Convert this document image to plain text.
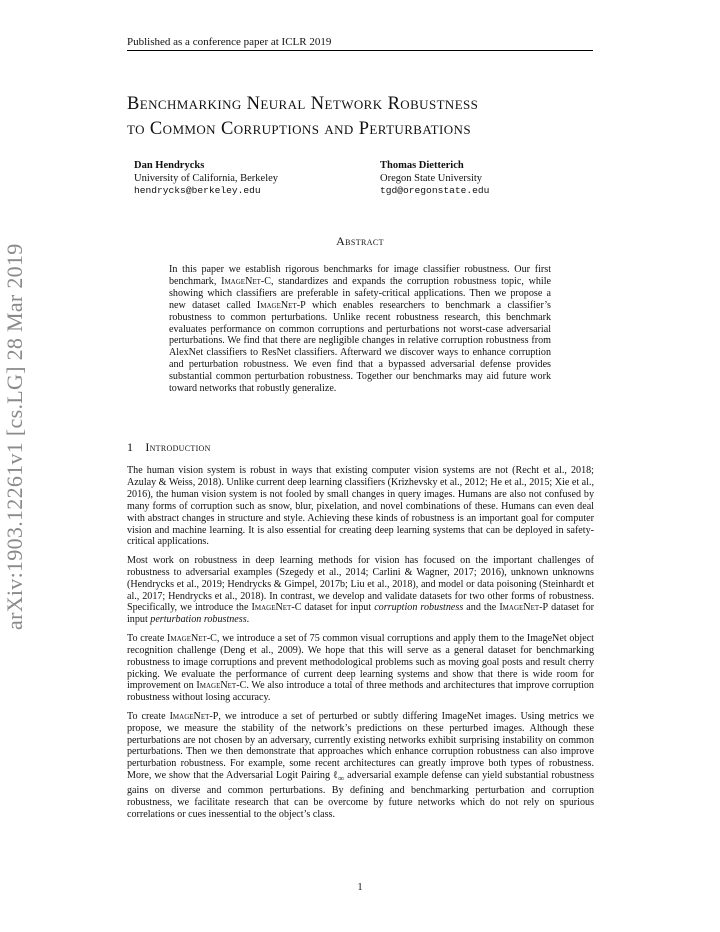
Published as a conference paper at ICLR 2019
arXiv:1903.12261v1 [cs.LG] 28 Mar 2019
Benchmarking Neural Network Robustness
to Common Corruptions and Perturbations
Dan Hendrycks
University of California, Berkeley
hendrycks@berkeley.edu
Thomas Dietterich
Oregon State University
tgd@oregonstate.edu
Abstract
In this paper we establish rigorous benchmarks for image classifier robustness. Our first benchmark, ImageNet-C, standardizes and expands the corruption robustness topic, while showing which classifiers are preferable in safety-critical applications. Then we propose a new dataset called ImageNet-P which enables researchers to benchmark a classifier’s robustness to common perturbations. Unlike recent robustness research, this benchmark evaluates performance on common corruptions and perturbations not worst-case adversarial perturbations. We find that there are negligible changes in relative corruption robustness from AlexNet classifiers to ResNet classifiers. Afterward we discover ways to enhance corruption and perturbation robustness. We even find that a bypassed adversarial defense provides substantial common perturbation robustness. Together our benchmarks may aid future work toward networks that robustly generalize.
1 Introduction

The human vision system is robust in ways that existing computer vision systems are not (Recht et al., 2018; Azulay & Weiss, 2018). Unlike current deep learning classifiers (Krizhevsky et al., 2012; He et al., 2015; Xie et al., 2016), the human vision system is not fooled by small changes in query images. Humans are also not confused by many forms of corruption such as snow, blur, pixelation, and novel combinations of these. Humans can even deal with abstract changes in structure and style. Achieving these kinds of robustness is an important goal for computer vision and machine learning. It is also essential for creating deep learning systems that can be deployed in safety-critical applications.

Most work on robustness in deep learning methods for vision has focused on the important challenges of robustness to adversarial examples (Szegedy et al., 2014; Carlini & Wagner, 2017; 2016), unknown unknowns (Hendrycks et al., 2019; Hendrycks & Gimpel, 2017b; Liu et al., 2018), and model or data poisoning (Steinhardt et al., 2017; Hendrycks et al., 2018). In contrast, we develop and validate datasets for two other forms of robustness. Specifically, we introduce the ImageNet-C dataset for input corruption robustness and the ImageNet-P dataset for input perturbation robustness.

To create ImageNet-C, we introduce a set of 75 common visual corruptions and apply them to the ImageNet object recognition challenge (Deng et al., 2009). We hope that this will serve as a general dataset for benchmarking robustness to image corruptions and prevent methodological problems such as moving goal posts and result cherry picking. We evaluate the performance of current deep learning systems and show that there is wide room for improvement on ImageNet-C. We also introduce a total of three methods and architectures that improve corruption robustness without losing accuracy.

To create ImageNet-P, we introduce a set of perturbed or subtly differing ImageNet images. Using metrics we propose, we measure the stability of the network’s predictions on these perturbed images. Although these perturbations are not chosen by an adversary, currently existing networks exhibit surprising instability on common perturbations. Then we then demonstrate that approaches which enhance corruption robustness can also improve perturbation robustness. For example, some recent architectures can greatly improve both types of robustness. More, we show that the Adversarial Logit Pairing ℓ$_\infty$ adversarial example defense can yield substantial robustness gains on diverse and common perturbations. By defining and benchmarking perturbation and corruption robustness, we facilitate research that can be overcome by future networks which do not rely on spurious correlations or cues inessential to the object’s class.

1
